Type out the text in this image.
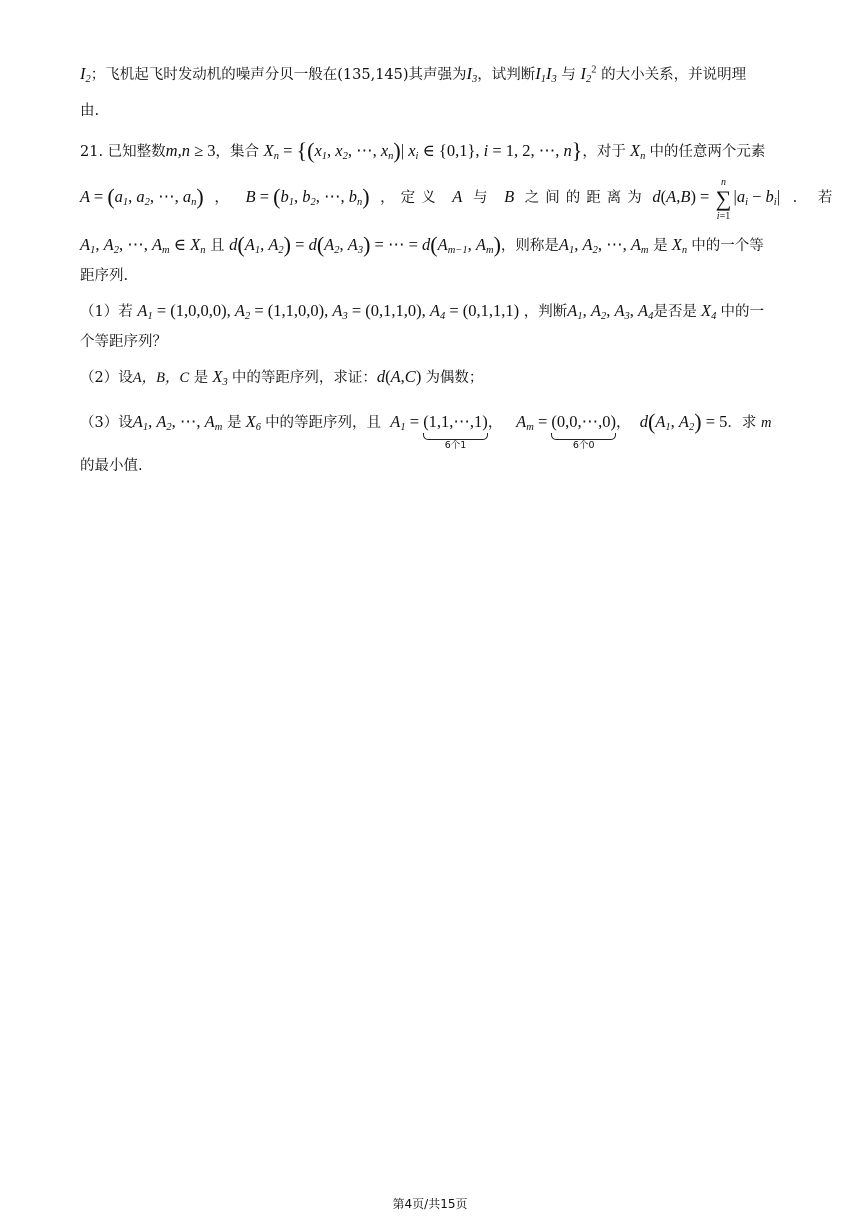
$I_2$；飞机起飞时发动机的噪声分贝一般在(135,145)其声强为$I_3$，试判断$I_1I_3$ 与 $I_2^2$ 的大小关系，并说明理
由.
21. 已知整数m,n ≥ 3，集合 $X_n = \{(x_1$, $x_2$, ⋯, $x_n)|$ $x_i$ ∈ {0,1}, i = 1, 2, ⋯, n}，对于 $X_n$ 中的任意两个元素
$A = (a_1$, $a_2$, ⋯, $a_n$) ， $B = (b_1$, $b_2$, ⋯, $b_n$) ，定义 A 与 B 之间的距离为 d(A,B) =
n
∑
i=1
$|a_i - b_i|$ . 若
$A_1$, $A_2$, ⋯, $A_m$ ∈ $X_n$ 且 $d(A_1$, $A_2) = d(A_2$, $A_3$) = ⋯ = $d(A_{m-1}$, $A_m$)，则称是$A_1$, $A_2$, ⋯, $A_m$ 是 $X_n$ 中的一个等
距序列.
（1）若 $A_1 = (1,0,0,0)$, $A_2 = (1,1,0,0)$, $A_3 = (0,1,1,0)$, $A_4 = (0,1,1,1)$ ，判断$A_1$, $A_2$, $A_3$, $A_4$是否是 $X_4$ 中的一
个等距序列？
（2）设A，B，C 是 $X_3$ 中的等距序列，求证：d(A,C) 为偶数；
（3）设$A_1$, $A_2$, ⋯, $A_m$ 是 $X_6$ 中的等距序列，且 $A_1$ = (1,1,⋯,1)
6个1
，   $A_m$ = (0,0,⋯,0)
6个0
，  $d(A_1$, $A_2) = 5$．求 m
的最小值.
第4页/共15页
